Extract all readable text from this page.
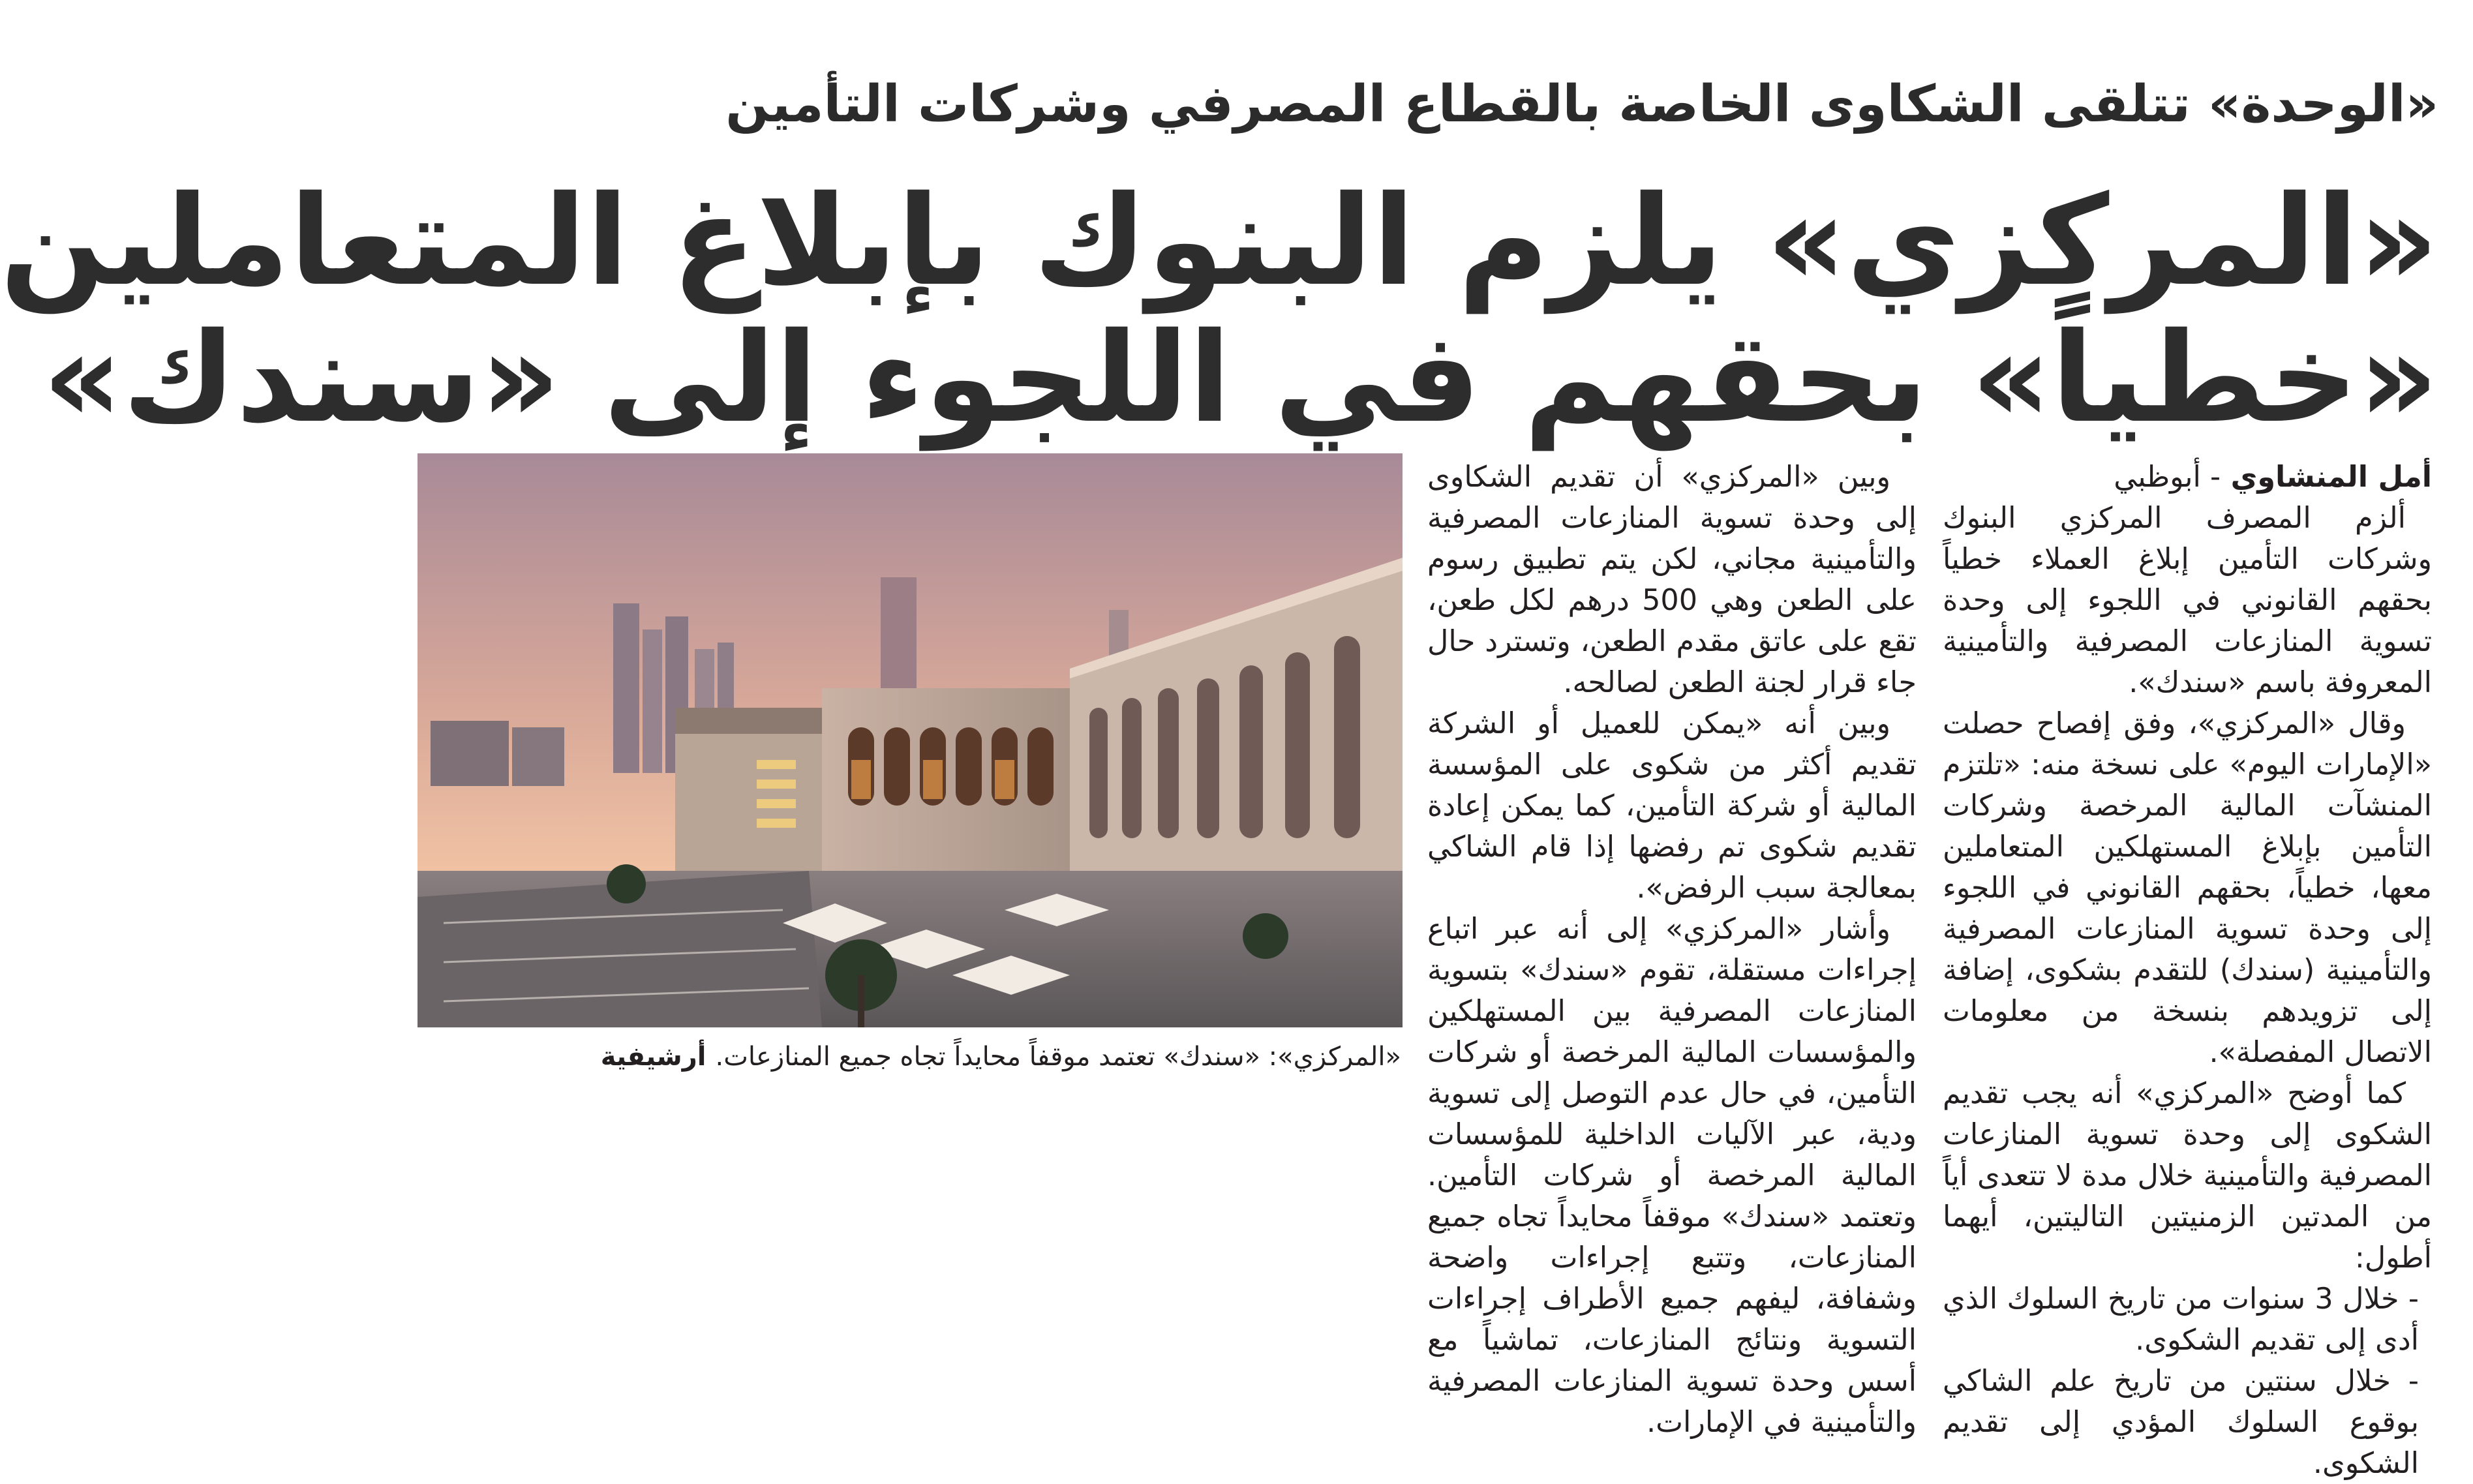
«الوحدة» تتلقى الشكاوى الخاصة بالقطاع المصرفي وشركات التأمين
«المركزي» يلزم البنوك بإبلاغ المتعاملين
«خطياً» بحقهم في اللجوء إلى «سندك»

أمل المنشاوي - أبوظبي

ألزم المصرف المركزي البنوك وشركات التأمين إبلاغ العملاء خطياً بحقهم القانوني في اللجوء إلى وحدة تسوية المنازعات المصرفية والتأمينية المعروفة باسم «سندك».

وقال «المركزي»، وفق إفصاح حصلت «الإمارات اليوم» على نسخة منه: «تلتزم المنشآت المالية المرخصة وشركات التأمين بإبلاغ المستهلكين المتعاملين معها، خطياً، بحقهم القانوني في اللجوء إلى وحدة تسوية المنازعات المصرفية والتأمينية (سندك) للتقدم بشكوى، إضافة إلى تزويدهم بنسخة من معلومات الاتصال المفصلة».

كما أوضح «المركزي» أنه يجب تقديم الشكوى إلى وحدة تسوية المنازعات المصرفية والتأمينية خلال مدة لا تتعدى أياً من المدتين الزمنيتين التاليتين، أيهما أطول:

- خلال 3 سنوات من تاريخ السلوك الذي أدى إلى تقديم الشكوى.

- خلال سنتين من تاريخ علم الشاكي بوقوع السلوك المؤدي إلى تقديم الشكوى.

وبين «المركزي» أن تقديم الشكاوى إلى وحدة تسوية المنازعات المصرفية والتأمينية مجاني، لكن يتم تطبيق رسوم على الطعن وهي 500 درهم لكل طعن، تقع على عاتق مقدم الطعن، وتسترد حال جاء قرار لجنة الطعن لصالحه.

وبين أنه «يمكن للعميل أو الشركة تقديم أكثر من شكوى على المؤسسة المالية أو شركة التأمين، كما يمكن إعادة تقديم شكوى تم رفضها إذا قام الشاكي بمعالجة سبب الرفض».

وأشار «المركزي» إلى أنه عبر اتباع إجراءات مستقلة، تقوم «سندك» بتسوية المنازعات المصرفية بين المستهلكين والمؤسسات المالية المرخصة أو شركات التأمين، في حال عدم التوصل إلى تسوية ودية، عبر الآليات الداخلية للمؤسسات المالية المرخصة أو شركات التأمين. وتعتمد «سندك» موقفاً محايداً تجاه جميع المنازعات، وتتبع إجراءات واضحة وشفافة، ليفهم جميع الأطراف إجراءات التسوية ونتائج المنازعات، تماشياً مع أسس وحدة تسوية المنازعات المصرفية والتأمينية في الإمارات.

«المركزي»: «سندك» تعتمد موقفاً محايداً تجاه جميع المنازعات.
أرشيفية
